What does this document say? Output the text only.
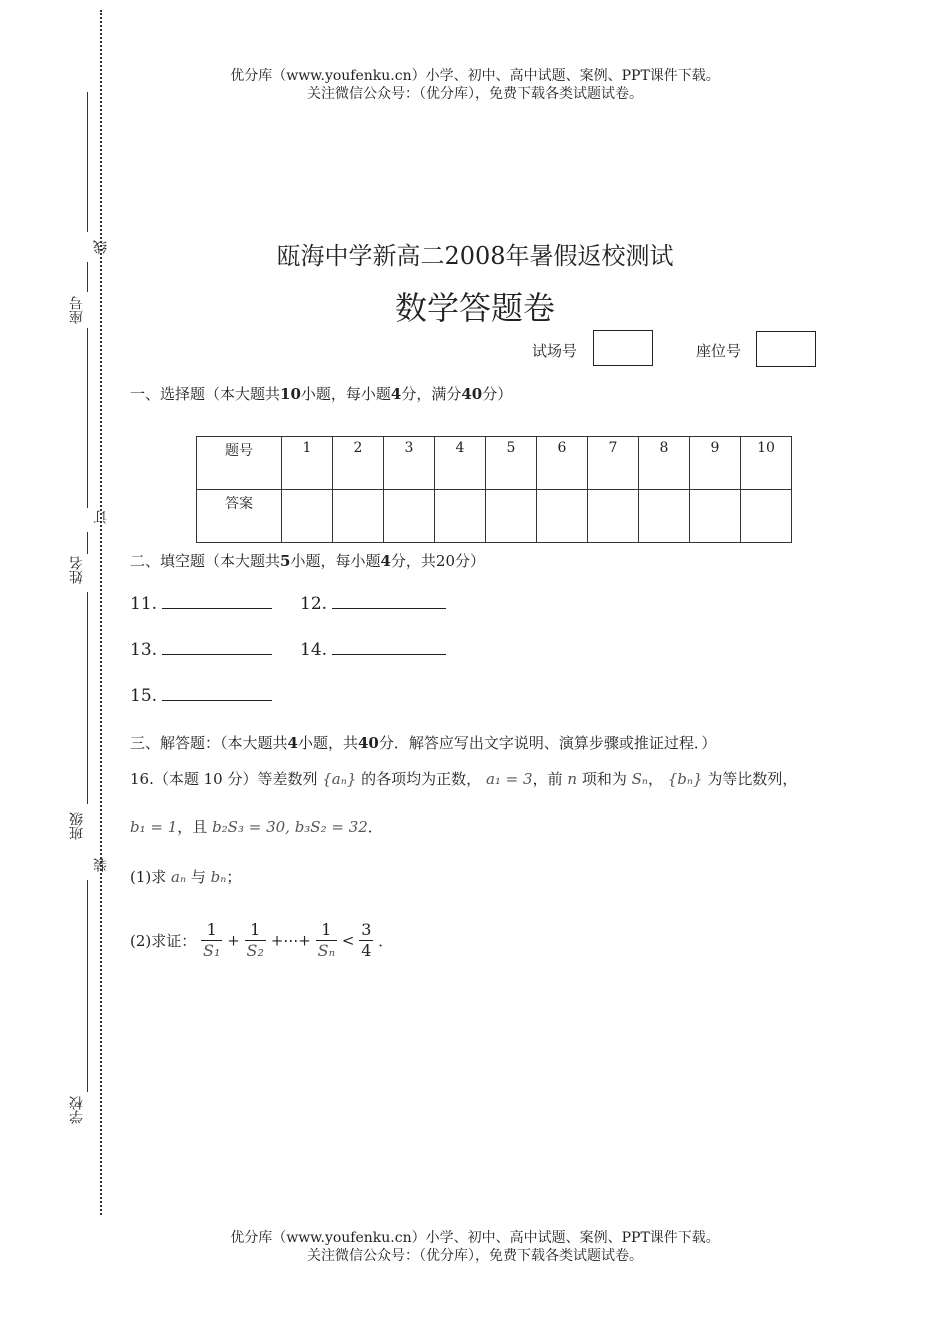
优分库（www.youfenku.cn）小学、初中、高中试题、案例、PPT课件下载。
关注微信公众号：（优分库），免费下载各类试题试卷。
线
座号
订
姓名
班级
装
学校
瓯海中学新高二2008年暑假返校测试
数学答题卷
试场号	座位号
一、选择题（本大题共10小题，每小题4分，满分40分）
题号	1	2	3	4	5	6	7	8	9	10
答案										
二、填空题（本大题共5小题，每小题4分，共20分）
11.	12.
13.	14.
15.
三、解答题：（本大题共4小题，共40分．解答应写出文字说明、演算步骤或推证过程．）
16.（本题 10 分）等差数列 {aₙ} 的各项均为正数， a₁ = 3，前 n 项和为 Sₙ， {bₙ} 为等比数列，
b₁ = 1，且 b₂S₃ = 30, b₃S₂ = 32．
(1)求 aₙ 与 bₙ；
(2)求证： $\frac{1}{\text{S₁}} + \frac{1}{\text{S₂}}$ +⋯+ $\frac{1}{\text{Sₙ}} < \frac{3}{4}$ ．
优分库（www.youfenku.cn）小学、初中、高中试题、案例、PPT课件下载。
关注微信公众号：（优分库），免费下载各类试题试卷。
